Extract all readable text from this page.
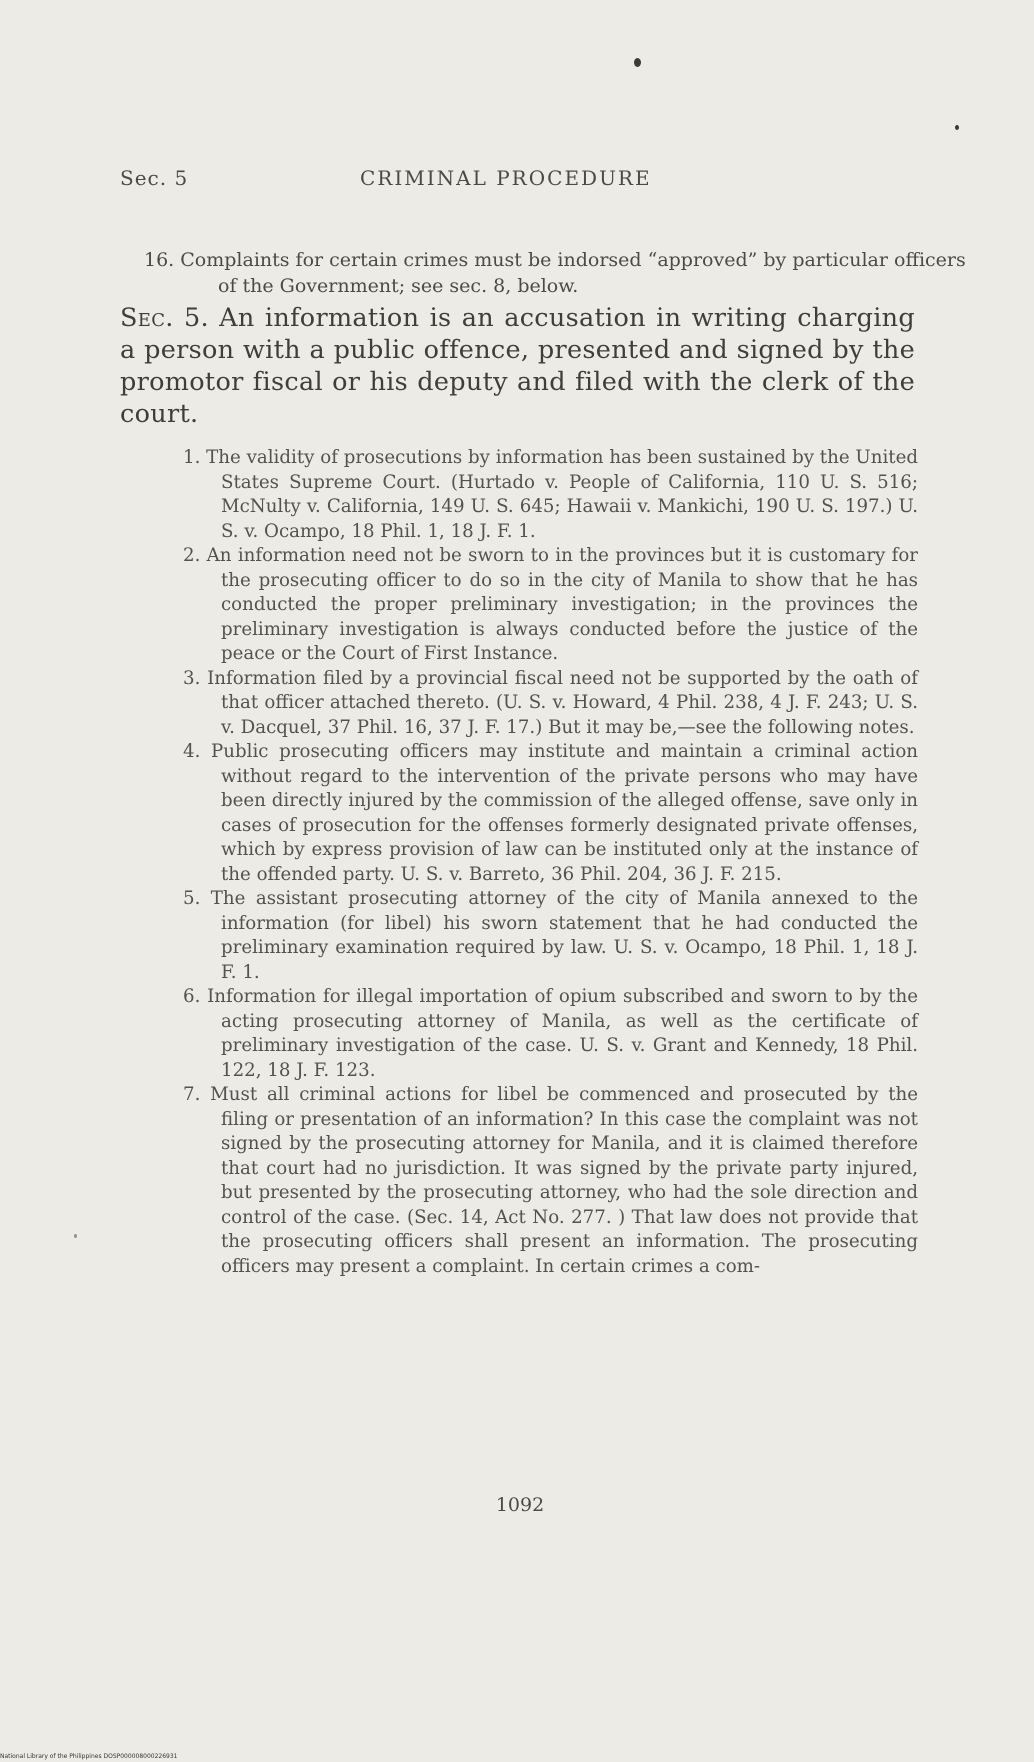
Sec. 5	CRIMINAL PROCEDURE

16. Complaints for certain crimes must be indorsed “approved” by particular officers of the Government; see sec. 8, below.

Sec. 5. An information is an accusation in writing charging a person with a public offence, presented and signed by the promotor fiscal or his deputy and filed with the clerk of the court.

1. The validity of prosecutions by information has been sustained by the United States Supreme Court. (Hurtado v. People of California, 110 U. S. 516; McNulty v. California, 149 U. S. 645; Hawaii v. Mankichi, 190 U. S. 197.) U. S. v. Ocampo, 18 Phil. 1, 18 J. F. 1.

2. An information need not be sworn to in the provinces but it is customary for the prosecuting officer to do so in the city of Manila to show that he has conducted the proper preliminary investigation; in the provinces the preliminary investigation is always conducted before the justice of the peace or the Court of First Instance.

3. Information filed by a provincial fiscal need not be supported by the oath of that officer attached thereto. (U. S. v. Howard, 4 Phil. 238, 4 J. F. 243; U. S. v. Dacquel, 37 Phil. 16, 37 J. F. 17.) But it may be,—see the following notes.

4. Public prosecuting officers may institute and maintain a criminal action without regard to the intervention of the private persons who may have been directly injured by the commission of the alleged offense, save only in cases of prosecution for the offenses formerly designated private offenses, which by express provision of law can be instituted only at the instance of the offended party. U. S. v. Barreto, 36 Phil. 204, 36 J. F. 215.

5. The assistant prosecuting attorney of the city of Manila annexed to the information (for libel) his sworn statement that he had conducted the preliminary examination required by law. U. S. v. Ocampo, 18 Phil. 1, 18 J. F. 1.

6. Information for illegal importation of opium subscribed and sworn to by the acting prosecuting attorney of Manila, as well as the certificate of preliminary investigation of the case. U. S. v. Grant and Kennedy, 18 Phil. 122, 18 J. F. 123.

7. Must all criminal actions for libel be commenced and prosecuted by the filing or presentation of an information? In this case the complaint was not signed by the prosecuting attorney for Manila, and it is claimed therefore that court had no jurisdiction. It was signed by the private party injured, but presented by the prosecuting attorney, who had the sole direction and control of the case. (Sec. 14, Act No. 277. ) That law does not provide that the prosecuting officers shall present an information. The prosecuting officers may present a complaint. In certain crimes a com-

1092
National Library of the Philippines DOSP000008000226931
